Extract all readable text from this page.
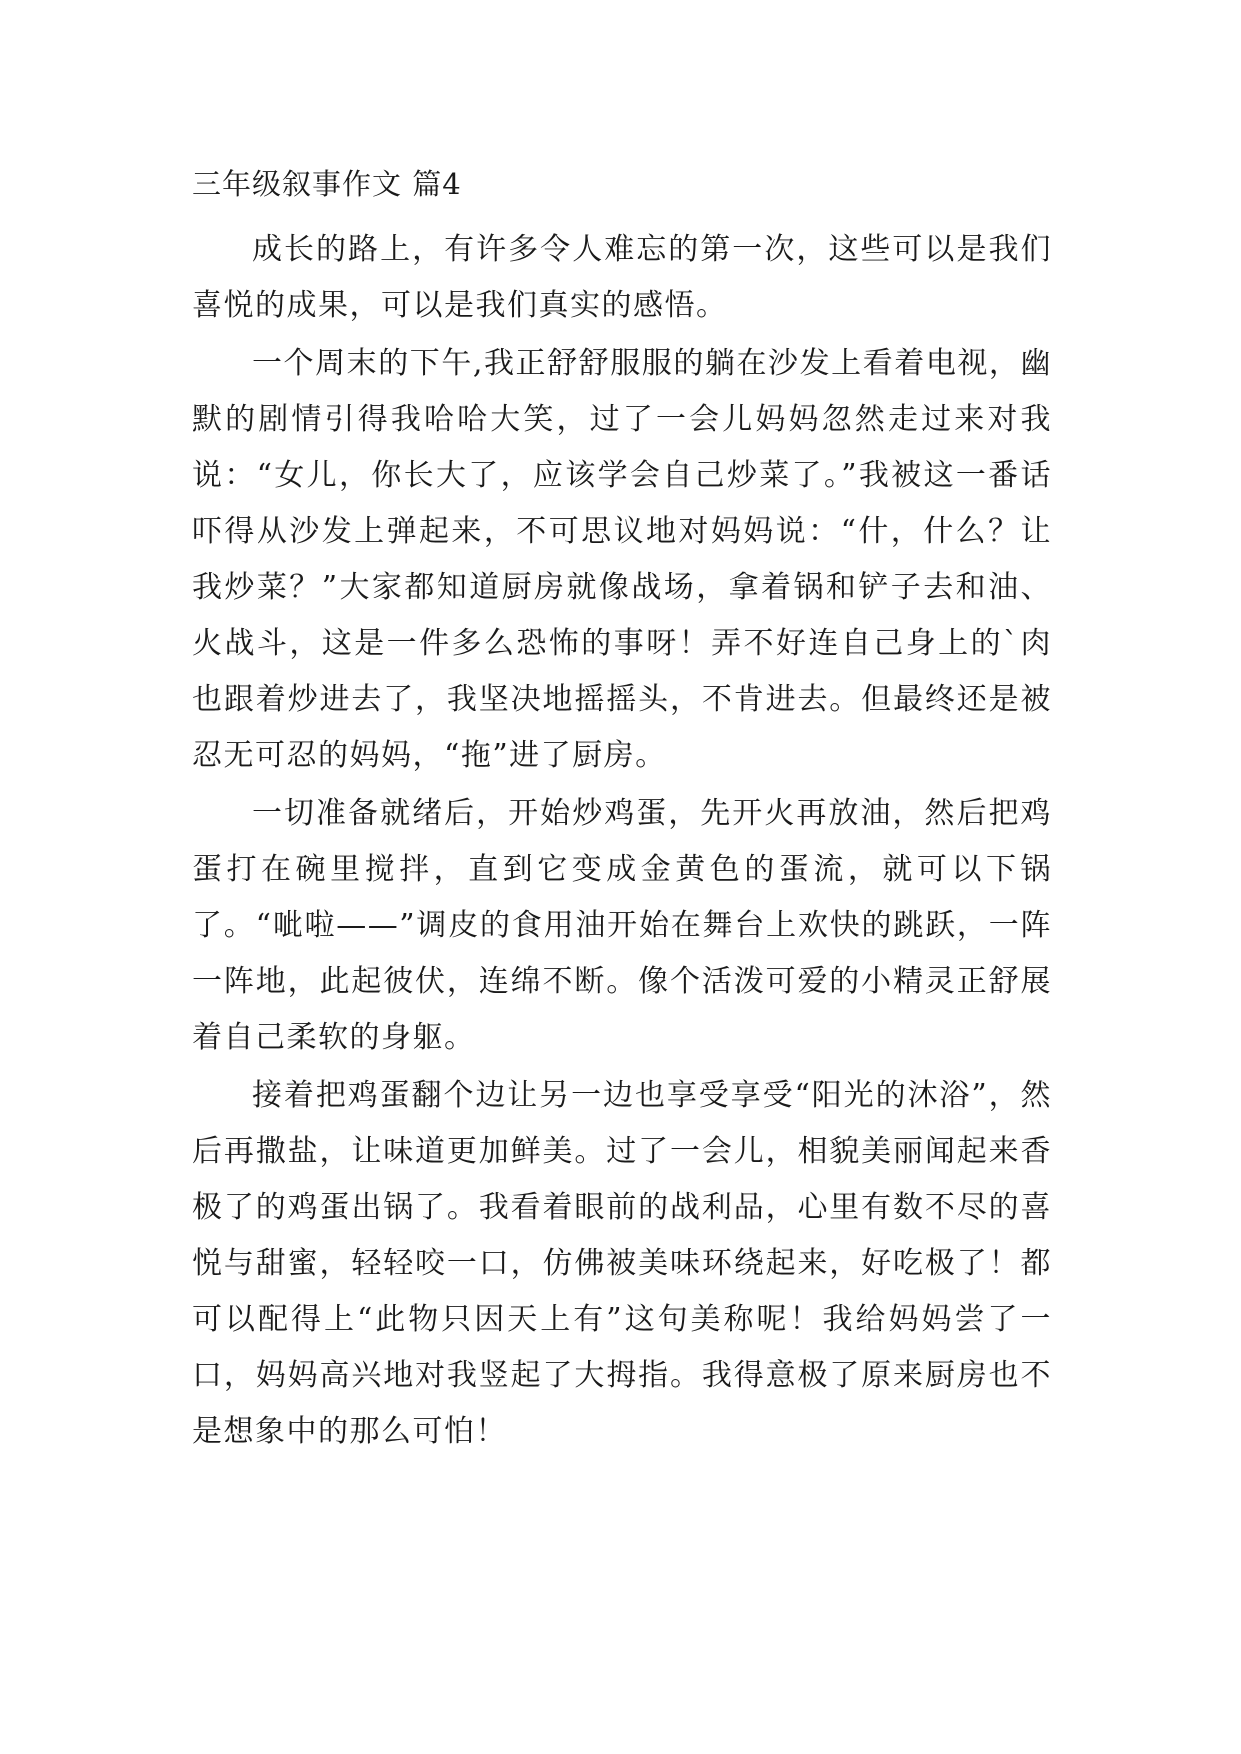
三年级叙事作文 篇4

成长的路上，有许多令人难忘的第一次，这些可以是我们喜悦的成果，可以是我们真实的感悟。

一个周末的下午,我正舒舒服服的躺在沙发上看着电视，幽默的剧情引得我哈哈大笑，过了一会儿妈妈忽然走过来对我说：“女儿，你长大了，应该学会自己炒菜了。”我被这一番话吓得从沙发上弹起来，不可思议地对妈妈说：“什，什么？让我炒菜？”大家都知道厨房就像战场，拿着锅和铲子去和油、火战斗，这是一件多么恐怖的事呀！弄不好连自己身上的`肉也跟着炒进去了，我坚决地摇摇头，不肯进去。但最终还是被忍无可忍的妈妈，“拖”进了厨房。

一切准备就绪后，开始炒鸡蛋，先开火再放油，然后把鸡蛋打在碗里搅拌，直到它变成金黄色的蛋流，就可以下锅了。“呲啦——”调皮的食用油开始在舞台上欢快的跳跃，一阵一阵地，此起彼伏，连绵不断。像个活泼可爱的小精灵正舒展着自己柔软的身躯。

接着把鸡蛋翻个边让另一边也享受享受“阳光的沐浴”，然后再撒盐，让味道更加鲜美。过了一会儿，相貌美丽闻起来香极了的鸡蛋出锅了。我看着眼前的战利品，心里有数不尽的喜悦与甜蜜，轻轻咬一口，仿佛被美味环绕起来，好吃极了！都可以配得上“此物只因天上有”这句美称呢！我给妈妈尝了一口，妈妈高兴地对我竖起了大拇指。我得意极了原来厨房也不是想象中的那么可怕！
